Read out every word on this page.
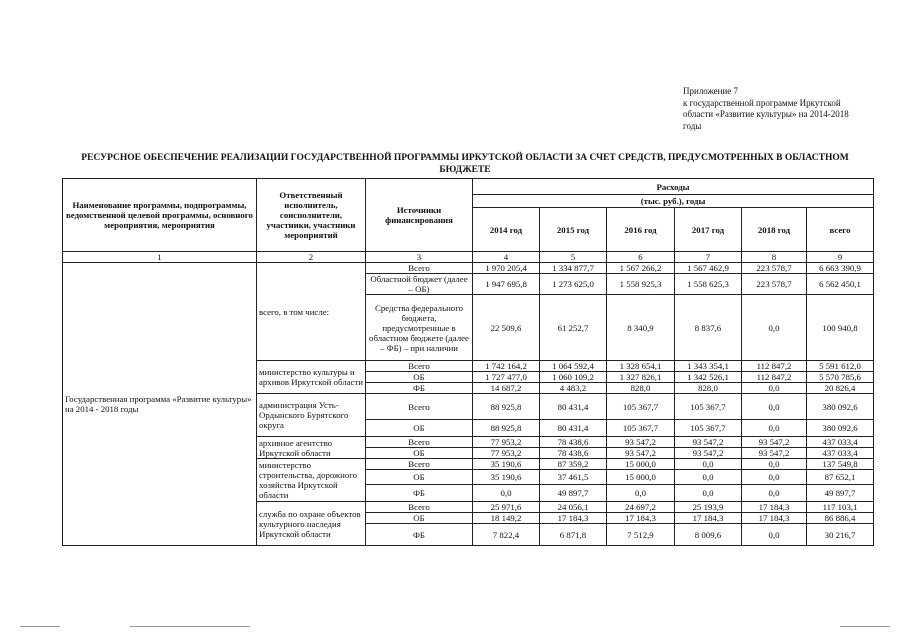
Приложение 7
к государственной программе Иркутской
области «Развитие культуры» на 2014-2018
годы
РЕСУРСНОЕ ОБЕСПЕЧЕНИЕ РЕАЛИЗАЦИИ ГОСУДАРСТВЕННОЙ ПРОГРАММЫ ИРКУТСКОЙ ОБЛАСТИ ЗА СЧЕТ СРЕДСТВ, ПРЕДУСМОТРЕННЫХ В ОБЛАСТНОМ БЮДЖЕТЕ
Наименование программы, подпрограммы, ведомственной целевой программы, основного мероприятия, мероприятия	Ответственный исполнитель, соисполнители, участники, участники мероприятий	Источники финансирования	Расходы					
			(тыс. руб.), годы					
			2014 год	2015 год	2016 год	2017 год	2018 год	всего
1	2	3	4	5	6	7	8	9
Государственная программа «Развитие культуры» на 2014 - 2018 годы	всего, в том числе:	Всего	1 970 205,4	1 334 877,7	1 567 266,2	1 567 462,9	223 578,7	6 663 390,9
		Областной бюджет (далее – ОБ)	1 947 695,8	1 273 625,0	1 558 925,3	1 558 625,3	223 578,7	6 562 450,1
		Средства федерального бюджета, предусмотренные в областном бюджете (далее – ФБ) – при наличии	22 509,6	61 252,7	8 340,9	8 837,6	0,0	100 940,8
	министерство культуры и архивов Иркутской области	Всего	1 742 164,2	1 064 592,4	1 328 654,1	1 343 354,1	112 847,2	5 591 612,0
		ОБ	1 727 477,0	1 060 109,2	1 327 826,1	1 342 526,1	112 847,2	5 570 785,6
		ФБ	14 687,2	4 483,2	828,0	828,0	0,0	20 826,4
	администрация Усть-Ордынского Бурятского округа	Всего	88 925,8	80 431,4	105 367,7	105 367,7	0,0	380 092,6
		ОБ	88 925,8	80 431,4	105 367,7	105 367,7	0,0	380 092,6
	архивное агентство Иркутской области	Всего	77 953,2	78 438,6	93 547,2	93 547,2	93 547,2	437 033,4
		ОБ	77 953,2	78 438,6	93 547,2	93 547,2	93 547,2	437 033,4
	министерство строительства, дорожного хозяйства Иркутской области	Всего	35 190,6	87 359,2	15 000,0	0,0	0,0	137 549,8
		ОБ	35 190,6	37 461,5	15 000,0	0,0	0,0	87 652,1
		ФБ	0,0	49 897,7	0,0	0,0	0,0	49 897,7
	служба по охране объектов культурного наследия Иркутской области	Всего	25 971,6	24 056,1	24 697,2	25 193,9	17 184,3	117 103,1
		ОБ	18 149,2	17 184,3	17 184,3	17 184,3	17 184,3	86 886,4
		ФБ	7 822,4	6 871,8	7 512,9	8 009,6	0,0	30 216,7
